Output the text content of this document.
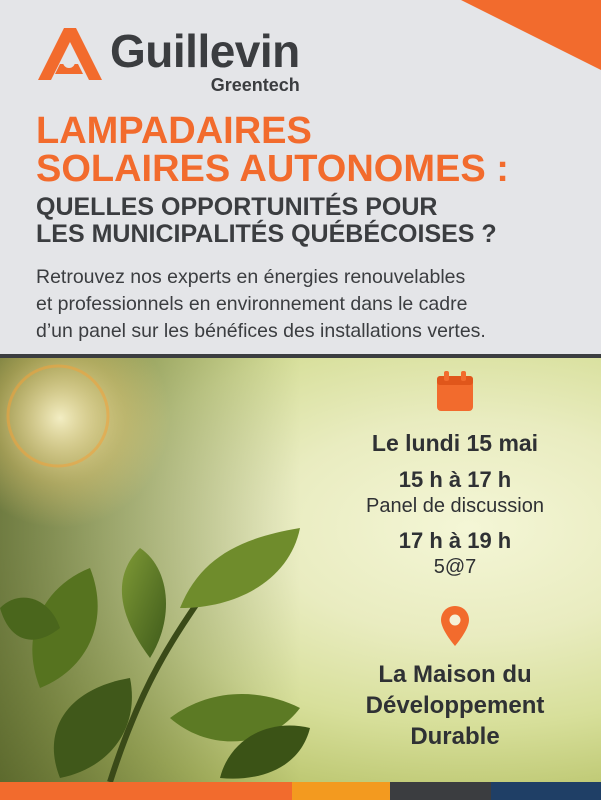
Guillevin
Greentech
LAMPADAIRES
SOLAIRES AUTONOMES :
QUELLES OPPORTUNITÉS POUR
LES MUNICIPALITÉS QUÉBÉCOISES ?
Retrouvez nos experts en énergies renouvelables
et professionnels en environnement dans le cadre
d’un panel sur les bénéfices des installations vertes.
Le lundi 15 mai
15 h à 17 h
Panel de discussion
17 h à 19 h
5@7
La Maison du
Développement
Durable
